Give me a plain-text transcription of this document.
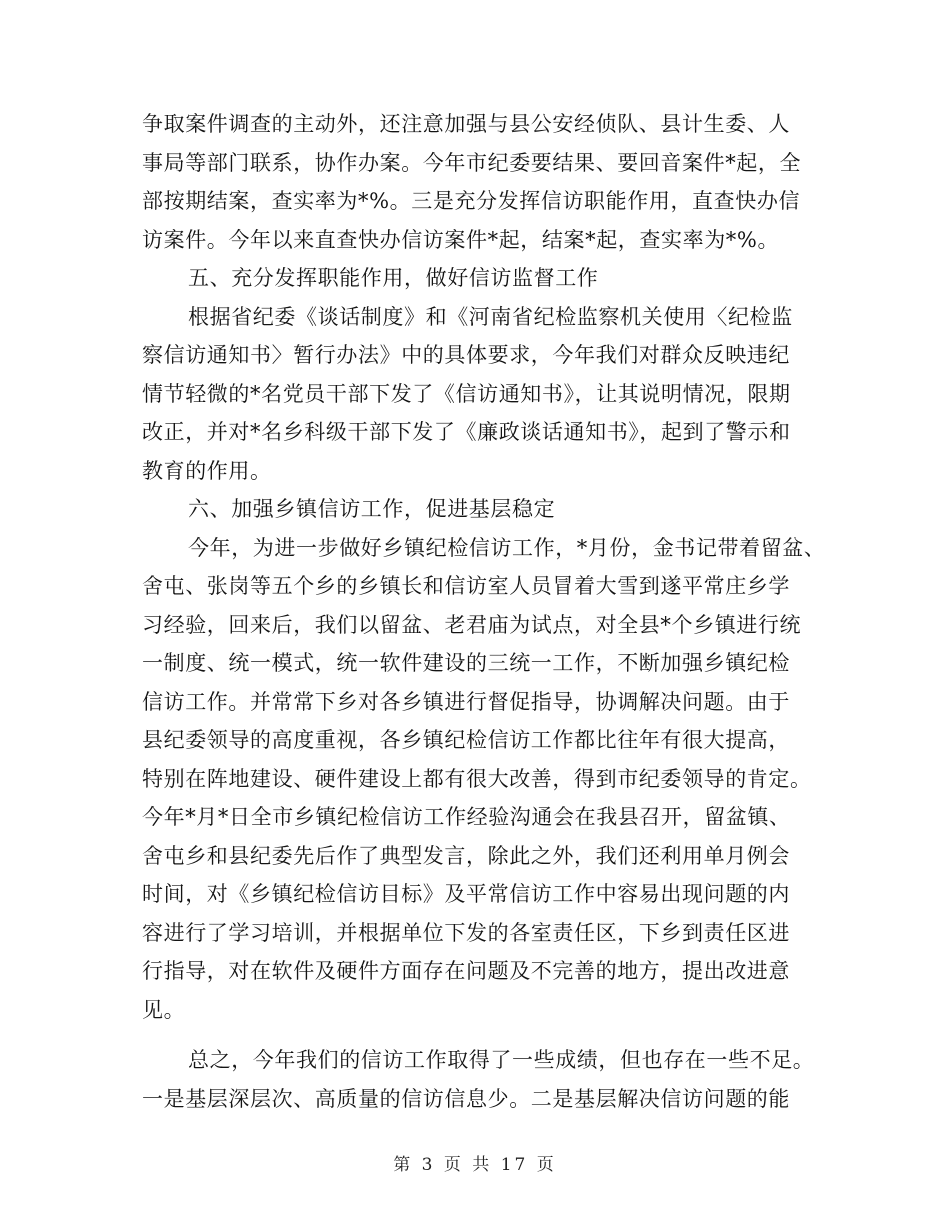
争取案件调查的主动外，还注意加强与县公安经侦队、县计生委、人
事局等部门联系，协作办案。今年市纪委要结果、要回音案件*起，全
部按期结案，查实率为*%。三是充分发挥信访职能作用，直查快办信
访案件。今年以来直查快办信访案件*起，结案*起，查实率为*%。
五、充分发挥职能作用，做好信访监督工作
根据省纪委《谈话制度》和《河南省纪检监察机关使用〈纪检监
察信访通知书〉暂行办法》中的具体要求，今年我们对群众反映违纪
情节轻微的*名党员干部下发了《信访通知书》，让其说明情况，限期
改正，并对*名乡科级干部下发了《廉政谈话通知书》，起到了警示和
教育的作用。
六、加强乡镇信访工作，促进基层稳定
今年，为进一步做好乡镇纪检信访工作，*月份，金书记带着留盆、
舍屯、张岗等五个乡的乡镇长和信访室人员冒着大雪到遂平常庄乡学
习经验，回来后，我们以留盆、老君庙为试点，对全县*个乡镇进行统
一制度、统一模式，统一软件建设的三统一工作，不断加强乡镇纪检
信访工作。并常常下乡对各乡镇进行督促指导，协调解决问题。由于
县纪委领导的高度重视，各乡镇纪检信访工作都比往年有很大提高，
特别在阵地建设、硬件建设上都有很大改善，得到市纪委领导的肯定。
今年*月*日全市乡镇纪检信访工作经验沟通会在我县召开，留盆镇、
舍屯乡和县纪委先后作了典型发言，除此之外，我们还利用单月例会
时间，对《乡镇纪检信访目标》及平常信访工作中容易出现问题的内
容进行了学习培训，并根据单位下发的各室责任区，下乡到责任区进
行指导，对在软件及硬件方面存在问题及不完善的地方，提出改进意
见。
总之，今年我们的信访工作取得了一些成绩，但也存在一些不足。
一是基层深层次、高质量的信访信息少。二是基层解决信访问题的能
第 3 页 共 17 页
